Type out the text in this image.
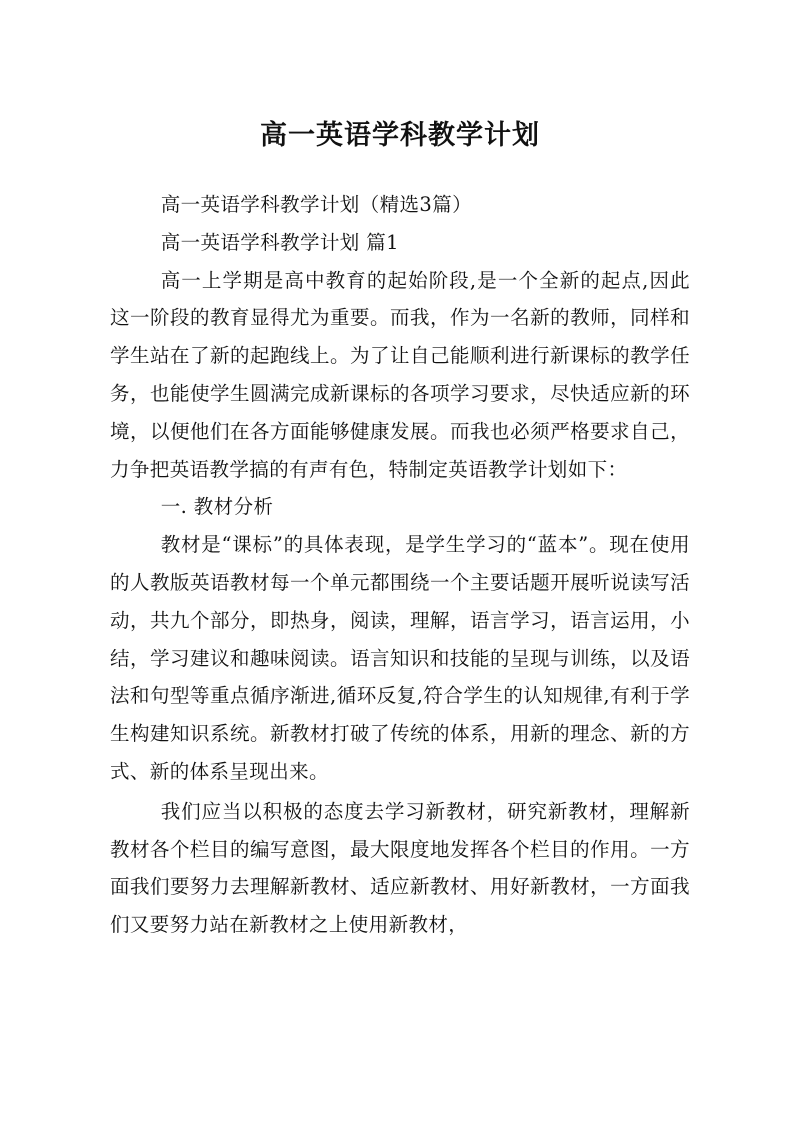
高一英语学科教学计划

高一英语学科教学计划（精选3篇）

高一英语学科教学计划 篇1

高一上学期是高中教育的起始阶段,是一个全新的起点,因此这一阶段的教育显得尤为重要。而我，作为一名新的教师，同样和学生站在了新的起跑线上。为了让自己能顺利进行新课标的教学任务，也能使学生圆满完成新课标的各项学习要求，尽快适应新的环境，以便他们在各方面能够健康发展。而我也必须严格要求自己，力争把英语教学搞的有声有色，特制定英语教学计划如下：

一. 教材分析

教材是“课标”的具体表现，是学生学习的“蓝本”。现在使用的人教版英语教材每一个单元都围绕一个主要话题开展听说读写活动，共九个部分，即热身，阅读，理解，语言学习，语言运用，小结，学习建议和趣味阅读。语言知识和技能的呈现与训练，以及语法和句型等重点循序渐进,循环反复,符合学生的认知规律,有利于学生构建知识系统。新教材打破了传统的体系，用新的理念、新的方式、新的体系呈现出来。

我们应当以积极的态度去学习新教材，研究新教材，理解新教材各个栏目的编写意图，最大限度地发挥各个栏目的作用。一方面我们要努力去理解新教材、适应新教材、用好新教材，一方面我们又要努力站在新教材之上使用新教材，
